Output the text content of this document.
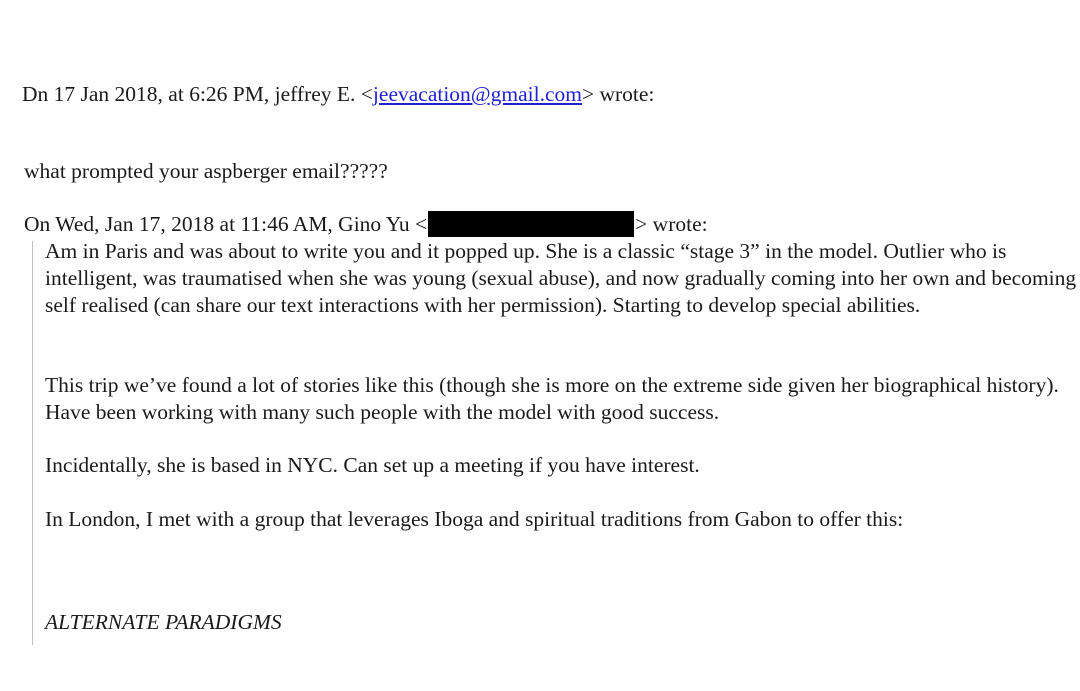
Dn 17 Jan 2018, at 6:26 PM, jeffrey E. <jeevacation@gmail.com> wrote:
what prompted your aspberger email?????
On Wed, Jan 17, 2018 at 11:46 AM, Gino Yu <	> wrote:
Am in Paris and was about to write you and it popped up. She is a classic “stage 3” in the model. Outlier who is intelligent, was traumatised when she was young (sexual abuse), and now gradually coming into her own and becoming self realised (can share our text interactions with her permission). Starting to develop special abilities.
This trip we’ve found a lot of stories like this (though she is more on the extreme side given her biographical history). Have been working with many such people with the model with good success.
Incidentally, she is based in NYC. Can set up a meeting if you have interest.
In London, I met with a group that leverages Iboga and spiritual traditions from Gabon to offer this:
ALTERNATE PARADIGMS
